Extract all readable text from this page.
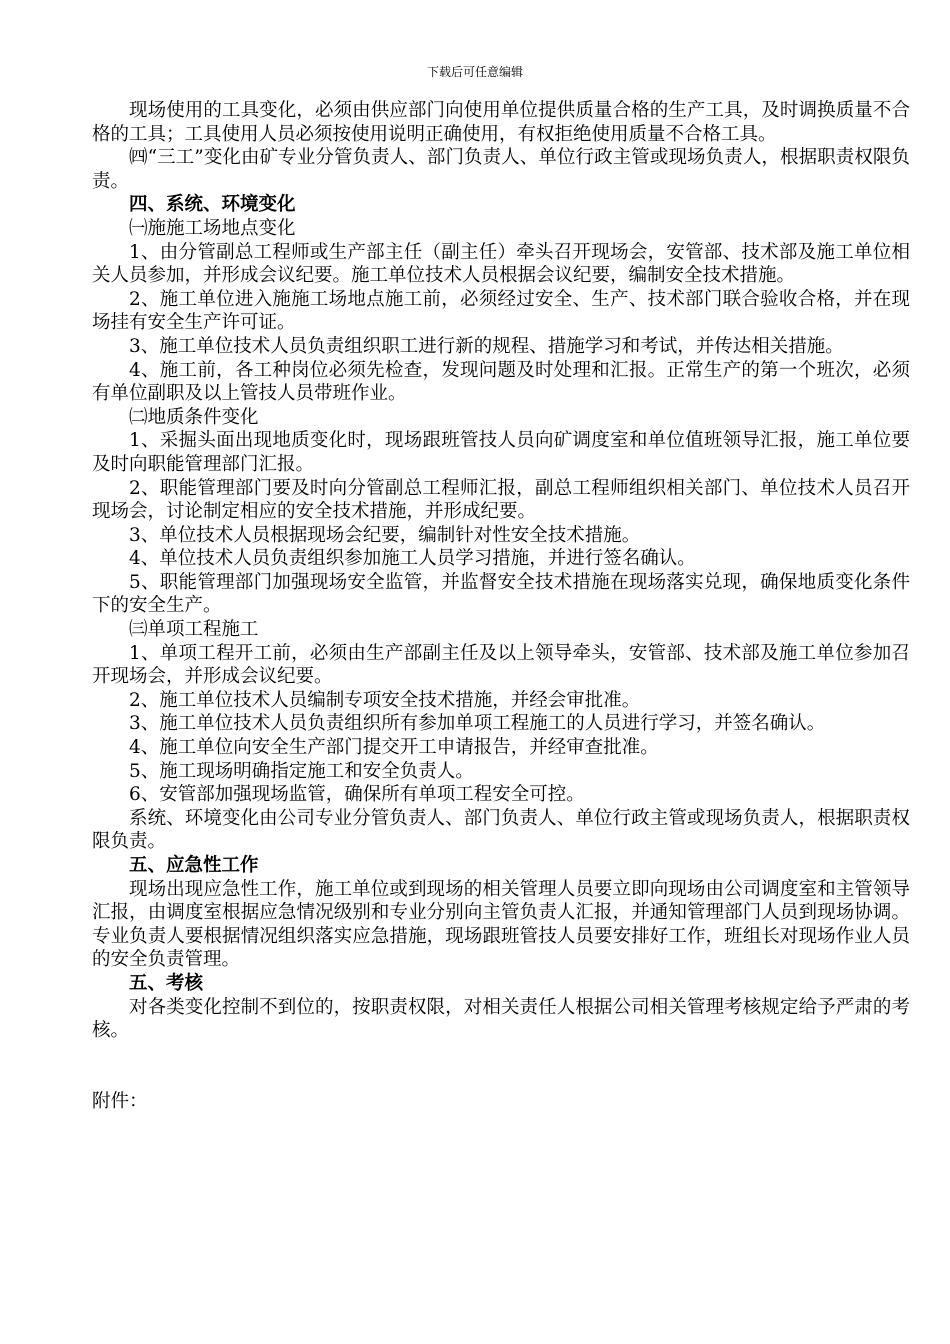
下载后可任意编辑

现场使用的工具变化，必须由供应部门向使用单位提供质量合格的生产工具，及时调换质量不合格的工具；工具使用人员必须按使用说明正确使用，有权拒绝使用质量不合格工具。

㈣“三工”变化由矿专业分管负责人、部门负责人、单位行政主管或现场负责人，根据职责权限负责。

四、系统、环境变化

㈠施施工场地点变化

1、由分管副总工程师或生产部主任（副主任）牵头召开现场会，安管部、技术部及施工单位相关人员参加，并形成会议纪要。施工单位技术人员根据会议纪要，编制安全技术措施。

2、施工单位进入施施工场地点施工前，必须经过安全、生产、技术部门联合验收合格，并在现场挂有安全生产许可证。

3、施工单位技术人员负责组织职工进行新的规程、措施学习和考试，并传达相关措施。

4、施工前，各工种岗位必须先检查，发现问题及时处理和汇报。正常生产的第一个班次，必须有单位副职及以上管技人员带班作业。

㈡地质条件变化

1、采掘头面出现地质变化时，现场跟班管技人员向矿调度室和单位值班领导汇报，施工单位要及时向职能管理部门汇报。

2、职能管理部门要及时向分管副总工程师汇报，副总工程师组织相关部门、单位技术人员召开现场会，讨论制定相应的安全技术措施，并形成纪要。

3、单位技术人员根据现场会纪要，编制针对性安全技术措施。

4、单位技术人员负责组织参加施工人员学习措施，并进行签名确认。

5、职能管理部门加强现场安全监管，并监督安全技术措施在现场落实兑现，确保地质变化条件下的安全生产。

㈢单项工程施工

1、单项工程开工前，必须由生产部副主任及以上领导牵头，安管部、技术部及施工单位参加召开现场会，并形成会议纪要。

2、施工单位技术人员编制专项安全技术措施，并经会审批准。

3、施工单位技术人员负责组织所有参加单项工程施工的人员进行学习，并签名确认。

4、施工单位向安全生产部门提交开工申请报告，并经审查批准。

5、施工现场明确指定施工和安全负责人。

6、安管部加强现场监管，确保所有单项工程安全可控。

系统、环境变化由公司专业分管负责人、部门负责人、单位行政主管或现场负责人，根据职责权限负责。

五、应急性工作

现场出现应急性工作，施工单位或到现场的相关管理人员要立即向现场由公司调度室和主管领导汇报，由调度室根据应急情况级别和专业分别向主管负责人汇报，并通知管理部门人员到现场协调。专业负责人要根据情况组织落实应急措施，现场跟班管技人员要安排好工作，班组长对现场作业人员的安全负责管理。

五、考核

对各类变化控制不到位的，按职责权限，对相关责任人根据公司相关管理考核规定给予严肃的考核。

附件：
